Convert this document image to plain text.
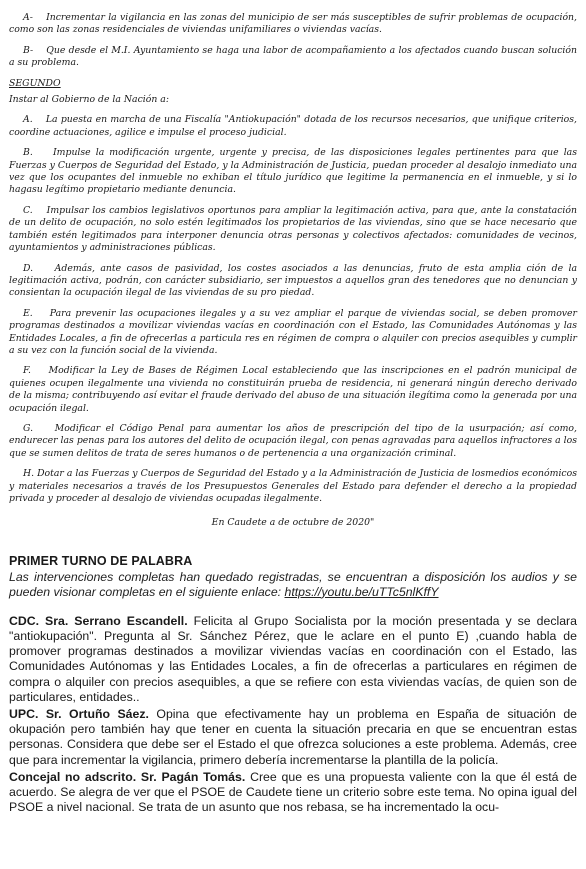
A- Incrementar la vigilancia en las zonas del municipio de ser más susceptibles de sufrir problemas de ocupación, como son las zonas residenciales de viviendas unifamiliares o viviendas vacías.

B- Que desde el M.I. Ayuntamiento se haga una labor de acompañamiento a los afectados cuando buscan solución a su problema.

SEGUNDO

Instar al Gobierno de la Nación a:

A. La puesta en marcha de una Fiscalía "Antiokupación" dotada de los recursos necesarios, que unifique criterios, coordine actuaciones, agilice e impulse el proceso judicial.

B. Impulse la modificación urgente, urgente y precisa, de las disposiciones legales pertinentes para que las Fuerzas y Cuerpos de Seguridad del Estado, y la Administración de Justicia, puedan proceder al desalojo inmediato una vez que los ocupantes del inmueble no exhiban el título jurídico que legitime la permanencia en el inmueble, y si lo hagasu legítimo propietario mediante denuncia.

C. Impulsar los cambios legislativos oportunos para ampliar la legitimación activa, para que, ante la constatación de un delito de ocupación, no solo estén legitimados los propietarios de las viviendas, sino que se hace necesario que también estén legitimados para interponer denuncia otras personas y colectivos afectados: comunidades de vecinos, ayuntamientos y administraciones públicas.

D. Además, ante casos de pasividad, los costes asociados a las denuncias, fruto de esta amplia ción de la legitimación activa, podrán, con carácter subsidiario, ser impuestos a aquellos gran des tenedores que no denuncian y consientan la ocupación ilegal de las viviendas de su pro piedad.

E. Para prevenir las ocupaciones ilegales y a su vez ampliar el parque de viviendas social, se deben promover programas destinados a movilizar viviendas vacías en coordinación con el Estado, las Comunidades Autónomas y las Entidades Locales, a fin de ofrecerlas a particula res en régimen de compra o alquiler con precios asequibles y cumplir a su vez con la función social de la vivienda.

F. Modificar la Ley de Bases de Régimen Local estableciendo que las inscripciones en el padrón municipal de quienes ocupen ilegalmente una vivienda no constituirán prueba de residencia, ni generará ningún derecho derivado de la misma; contribuyendo así evitar el fraude derivado del abuso de una situación ilegítima como la generada por una ocupación ilegal.

G. Modificar el Código Penal para aumentar los años de prescripción del tipo de la usurpación; así como, endurecer las penas para los autores del delito de ocupación ilegal, con penas agravadas para aquellos infractores a los que se sumen delitos de trata de seres humanos o de pertenencia a una organización criminal.

H. Dotar a las Fuerzas y Cuerpos de Seguridad del Estado y a la Administración de Justicia de losmedios económicos y materiales necesarios a través de los Presupuestos Generales del Estado para defender el derecho a la propiedad privada y proceder al desalojo de viviendas ocupadas ilegalmente.

En Caudete a de octubre de 2020"

PRIMER TURNO DE PALABRA

Las intervenciones completas han quedado registradas, se encuentran a disposición los audios y se pueden visionar completas en el siguiente enlace: https://youtu.be/uTTc5nlKffY

CDC. Sra. Serrano Escandell. Felicita al Grupo Socialista por la moción presentada y se declara "antiokupación". Pregunta al Sr. Sánchez Pérez, que le aclare en el punto E) ,cuando habla de promover programas destinados a movilizar viviendas vacías en coordinación con el Estado, las Comunidades Autónomas y las Entidades Locales, a fin de ofrecerlas a particulares en régimen de compra o alquiler con precios asequibles, a que se refiere con esta viviendas vacías, de quien son de particulares, entidades..

UPC. Sr. Ortuño Sáez. Opina que efectivamente hay un problema en España de situación de okupación pero también hay que tener en cuenta la situación precaria en que se encuentran estas personas. Considera que debe ser el Estado el que ofrezca soluciones a este problema. Además, cree que para incrementar la vigilancia, primero debería incrementarse la plantilla de la policía.

Concejal no adscrito. Sr. Pagán Tomás. Cree que es una propuesta valiente con la que él está de acuerdo. Se alegra de ver que el PSOE de Caudete tiene un criterio sobre este tema. No opina igual del PSOE a nivel nacional. Se trata de un asunto que nos rebasa, se ha incrementado la ocu-
